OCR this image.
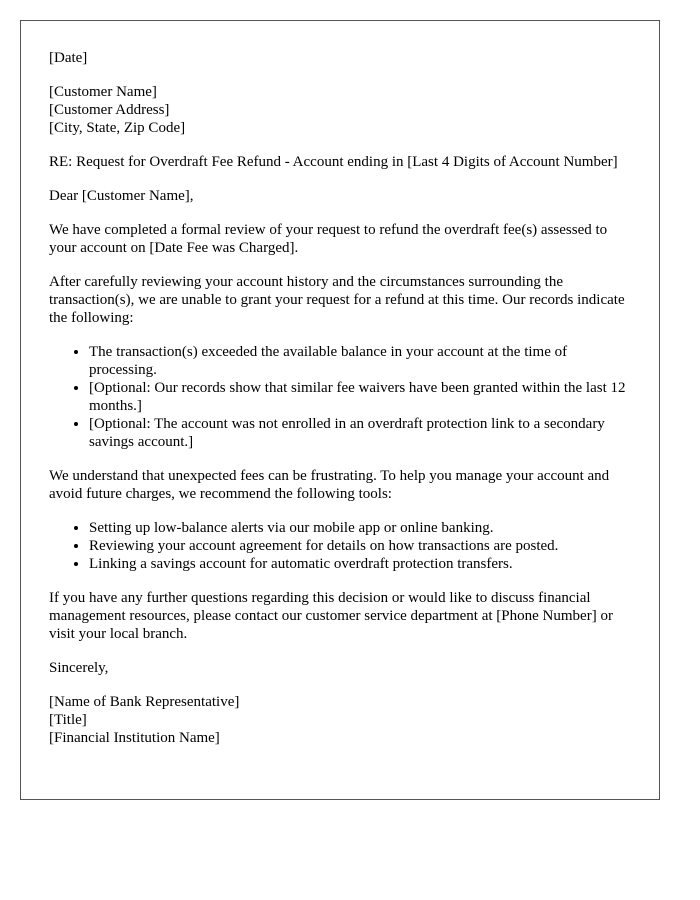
[Date]

[Customer Name]
[Customer Address]
[City, State, Zip Code]

RE: Request for Overdraft Fee Refund - Account ending in [Last 4 Digits of Account Number]

Dear [Customer Name],

We have completed a formal review of your request to refund the overdraft fee(s) assessed to your account on [Date Fee was Charged].

After carefully reviewing your account history and the circumstances surrounding the transaction(s), we are unable to grant your request for a refund at this time. Our records indicate the following:

• The transaction(s) exceeded the available balance in your account at the time of processing.
• [Optional: Our records show that similar fee waivers have been granted within the last 12 months.]
• [Optional: The account was not enrolled in an overdraft protection link to a secondary savings account.]

We understand that unexpected fees can be frustrating. To help you manage your account and avoid future charges, we recommend the following tools:

• Setting up low-balance alerts via our mobile app or online banking.
• Reviewing your account agreement for details on how transactions are posted.
• Linking a savings account for automatic overdraft protection transfers.

If you have any further questions regarding this decision or would like to discuss financial management resources, please contact our customer service department at [Phone Number] or visit your local branch.

Sincerely,

[Name of Bank Representative]
[Title]
[Financial Institution Name]
